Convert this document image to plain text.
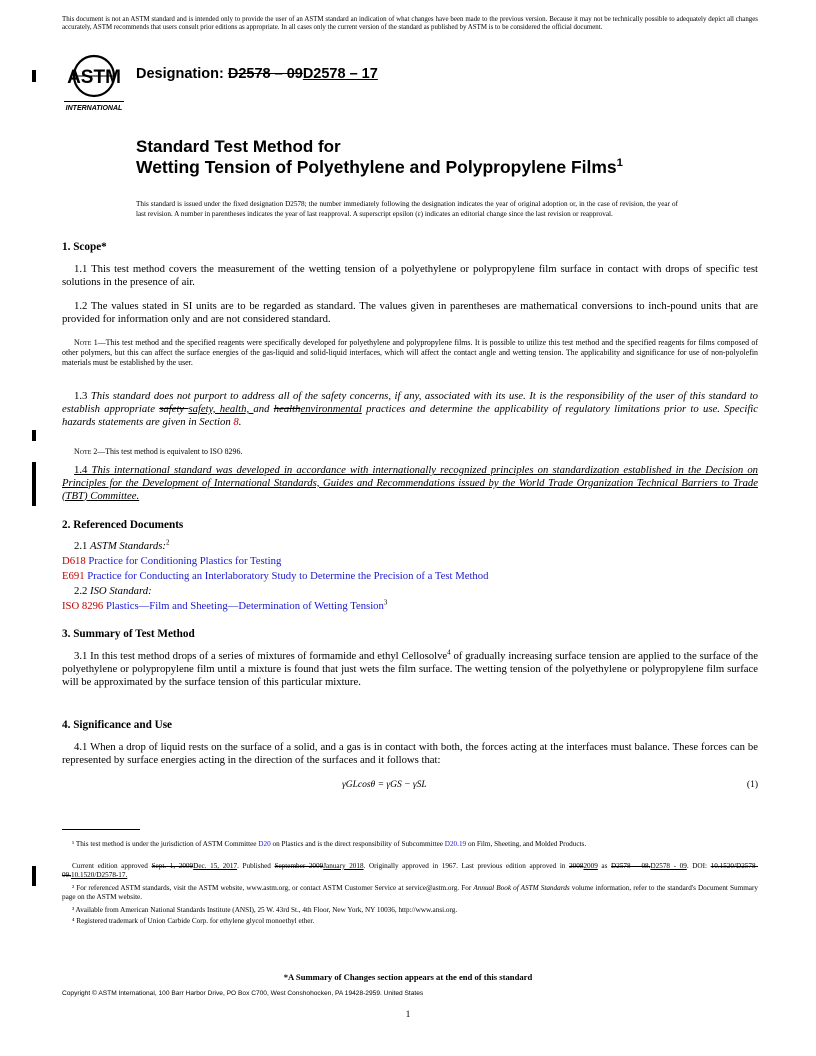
This document is not an ASTM standard and is intended only to provide the user of an ASTM standard an indication of what changes have been made to the previous version. Because it may not be technically possible to adequately depict all changes accurately, ASTM recommends that users consult prior editions as appropriate. In all cases only the current version of the standard as published by ASTM is to be considered the official document.
ASTM
INTERNATIONAL
Designation: D2578 – 09D2578 – 17
Standard Test Method for
Wetting Tension of Polyethylene and Polypropylene Films$^1$
This standard is issued under the fixed designation D2578; the number immediately following the designation indicates the year of original adoption or, in the case of revision, the year of last revision. A number in parentheses indicates the year of last reapproval. A superscript epsilon (ε) indicates an editorial change since the last revision or reapproval.
1. Scope*
1.1 This test method covers the measurement of the wetting tension of a polyethylene or polypropylene film surface in contact with drops of specific test solutions in the presence of air.
1.2 The values stated in SI units are to be regarded as standard. The values given in parentheses are mathematical conversions to inch-pound units that are provided for information only and are not considered standard.
Note 1—This test method and the specified reagents were specifically developed for polyethylene and polypropylene films. It is possible to utilize this test method and the specified reagents for films composed of other polymers, but this can affect the surface energies of the gas-liquid and solid-liquid interfaces, which will affect the contact angle and wetting tension. The applicability and significance for use of non-polyolefin materials must be established by the user.
1.3 This standard does not purport to address all of the safety concerns, if any, associated with its use. It is the responsibility of the user of this standard to establish appropriate safety safety, health, and healthenvironmental practices and determine the applicability of regulatory limitations prior to use. Specific hazards statements are given in Section 8.
Note 2—This test method is equivalent to ISO 8296.
1.4 This international standard was developed in accordance with internationally recognized principles on standardization established in the Decision on Principles for the Development of International Standards, Guides and Recommendations issued by the World Trade Organization Technical Barriers to Trade (TBT) Committee.
2. Referenced Documents
2.1 ASTM Standards:$^2$
D618 Practice for Conditioning Plastics for Testing
E691 Practice for Conducting an Interlaboratory Study to Determine the Precision of a Test Method
2.2 ISO Standard:
ISO 8296 Plastics—Film and Sheeting—Determination of Wetting Tension$^3$
3. Summary of Test Method
3.1 In this test method drops of a series of mixtures of formamide and ethyl Cellosolve$^4$ of gradually increasing surface tension are applied to the surface of the polyethylene or polypropylene film until a mixture is found that just wets the film surface. The wetting tension of the polyethylene or polypropylene film surface will be approximated by the surface tension of this particular mixture.
4. Significance and Use
4.1 When a drop of liquid rests on the surface of a solid, and a gas is in contact with both, the forces acting at the interfaces must balance. These forces can be represented by surface energies acting in the direction of the surfaces and it follows that:
γGLcosθ = γGS − γSL	(1)
¹ This test method is under the jurisdiction of ASTM Committee D20 on Plastics and is the direct responsibility of Subcommittee D20.19 on Film, Sheeting, and Molded Products.
Current edition approved Sept. 1, 2009Dec. 15, 2017. Published September 2009January 2018. Originally approved in 1967. Last previous edition approved in 20082009 as D2578 – 08.D2578 - 09. DOI: 10.1520/D2578-09.10.1520/D2578-17.
² For referenced ASTM standards, visit the ASTM website, www.astm.org, or contact ASTM Customer Service at service@astm.org. For Annual Book of ASTM Standards volume information, refer to the standard's Document Summary page on the ASTM website.
³ Available from American National Standards Institute (ANSI), 25 W. 43rd St., 4th Floor, New York, NY 10036, http://www.ansi.org.
⁴ Registered trademark of Union Carbide Corp. for ethylene glycol monoethyl ether.
*A Summary of Changes section appears at the end of this standard
Copyright © ASTM International, 100 Barr Harbor Drive, PO Box C700, West Conshohocken, PA 19428-2959. United States
1
